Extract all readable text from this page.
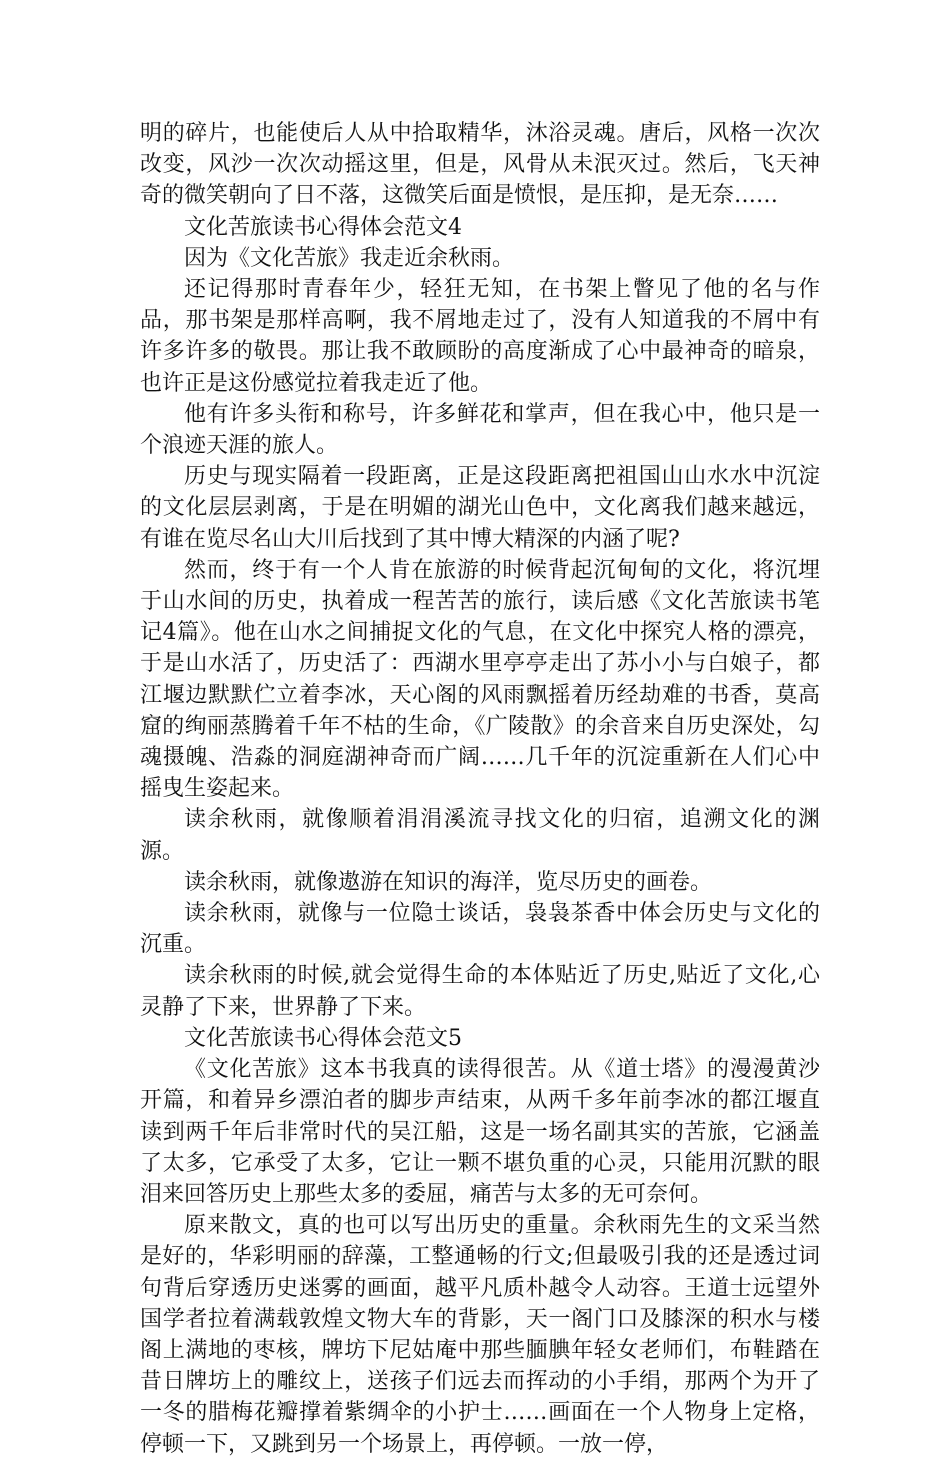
明的碎片，也能使后人从中拾取精华，沐浴灵魂。唐后，风格一次次改变，风沙一次次动摇这里，但是，风骨从未泯灭过。然后，飞天神奇的微笑朝向了日不落，这微笑后面是愤恨，是压抑，是无奈……

文化苦旅读书心得体会范文4

因为《文化苦旅》我走近余秋雨。

还记得那时青春年少，轻狂无知，在书架上瞥见了他的名与作品，那书架是那样高啊，我不屑地走过了，没有人知道我的不屑中有许多许多的敬畏。那让我不敢顾盼的高度渐成了心中最神奇的暗泉，也许正是这份感觉拉着我走近了他。

他有许多头衔和称号，许多鲜花和掌声，但在我心中，他只是一个浪迹天涯的旅人。

历史与现实隔着一段距离，正是这段距离把祖国山山水水中沉淀的文化层层剥离，于是在明媚的湖光山色中，文化离我们越来越远，有谁在览尽名山大川后找到了其中博大精深的内涵了呢?

然而，终于有一个人肯在旅游的时候背起沉甸甸的文化，将沉埋于山水间的历史，执着成一程苦苦的旅行，读后感《文化苦旅读书笔记4篇》。他在山水之间捕捉文化的气息，在文化中探究人格的漂亮，于是山水活了，历史活了：西湖水里亭亭走出了苏小小与白娘子，都江堰边默默伫立着李冰，天心阁的风雨飘摇着历经劫难的书香，莫高窟的绚丽蒸腾着千年不枯的生命，《广陵散》的余音来自历史深处，勾魂摄魄、浩淼的洞庭湖神奇而广阔……几千年的沉淀重新在人们心中摇曳生姿起来。

读余秋雨，就像顺着涓涓溪流寻找文化的归宿，追溯文化的渊源。

读余秋雨，就像遨游在知识的海洋，览尽历史的画卷。

读余秋雨，就像与一位隐士谈话，袅袅茶香中体会历史与文化的沉重。

读余秋雨的时候,就会觉得生命的本体贴近了历史,贴近了文化,心灵静了下来，世界静了下来。

文化苦旅读书心得体会范文5

《文化苦旅》这本书我真的读得很苦。从《道士塔》的漫漫黄沙开篇，和着异乡漂泊者的脚步声结束，从两千多年前李冰的都江堰直读到两千年后非常时代的吴江船，这是一场名副其实的苦旅，它涵盖了太多，它承受了太多，它让一颗不堪负重的心灵，只能用沉默的眼泪来回答历史上那些太多的委屈，痛苦与太多的无可奈何。

原来散文，真的也可以写出历史的重量。余秋雨先生的文采当然是好的，华彩明丽的辞藻，工整通畅的行文;但最吸引我的还是透过词句背后穿透历史迷雾的画面，越平凡质朴越令人动容。王道士远望外国学者拉着满载敦煌文物大车的背影，天一阁门口及膝深的积水与楼阁上满地的枣核，牌坊下尼姑庵中那些腼腆年轻女老师们，布鞋踏在昔日牌坊上的雕纹上，送孩子们远去而挥动的小手绢，那两个为开了一冬的腊梅花瓣撑着紫绸伞的小护士……画面在一个人物身上定格，停顿一下，又跳到另一个场景上，再停顿。一放一停，
